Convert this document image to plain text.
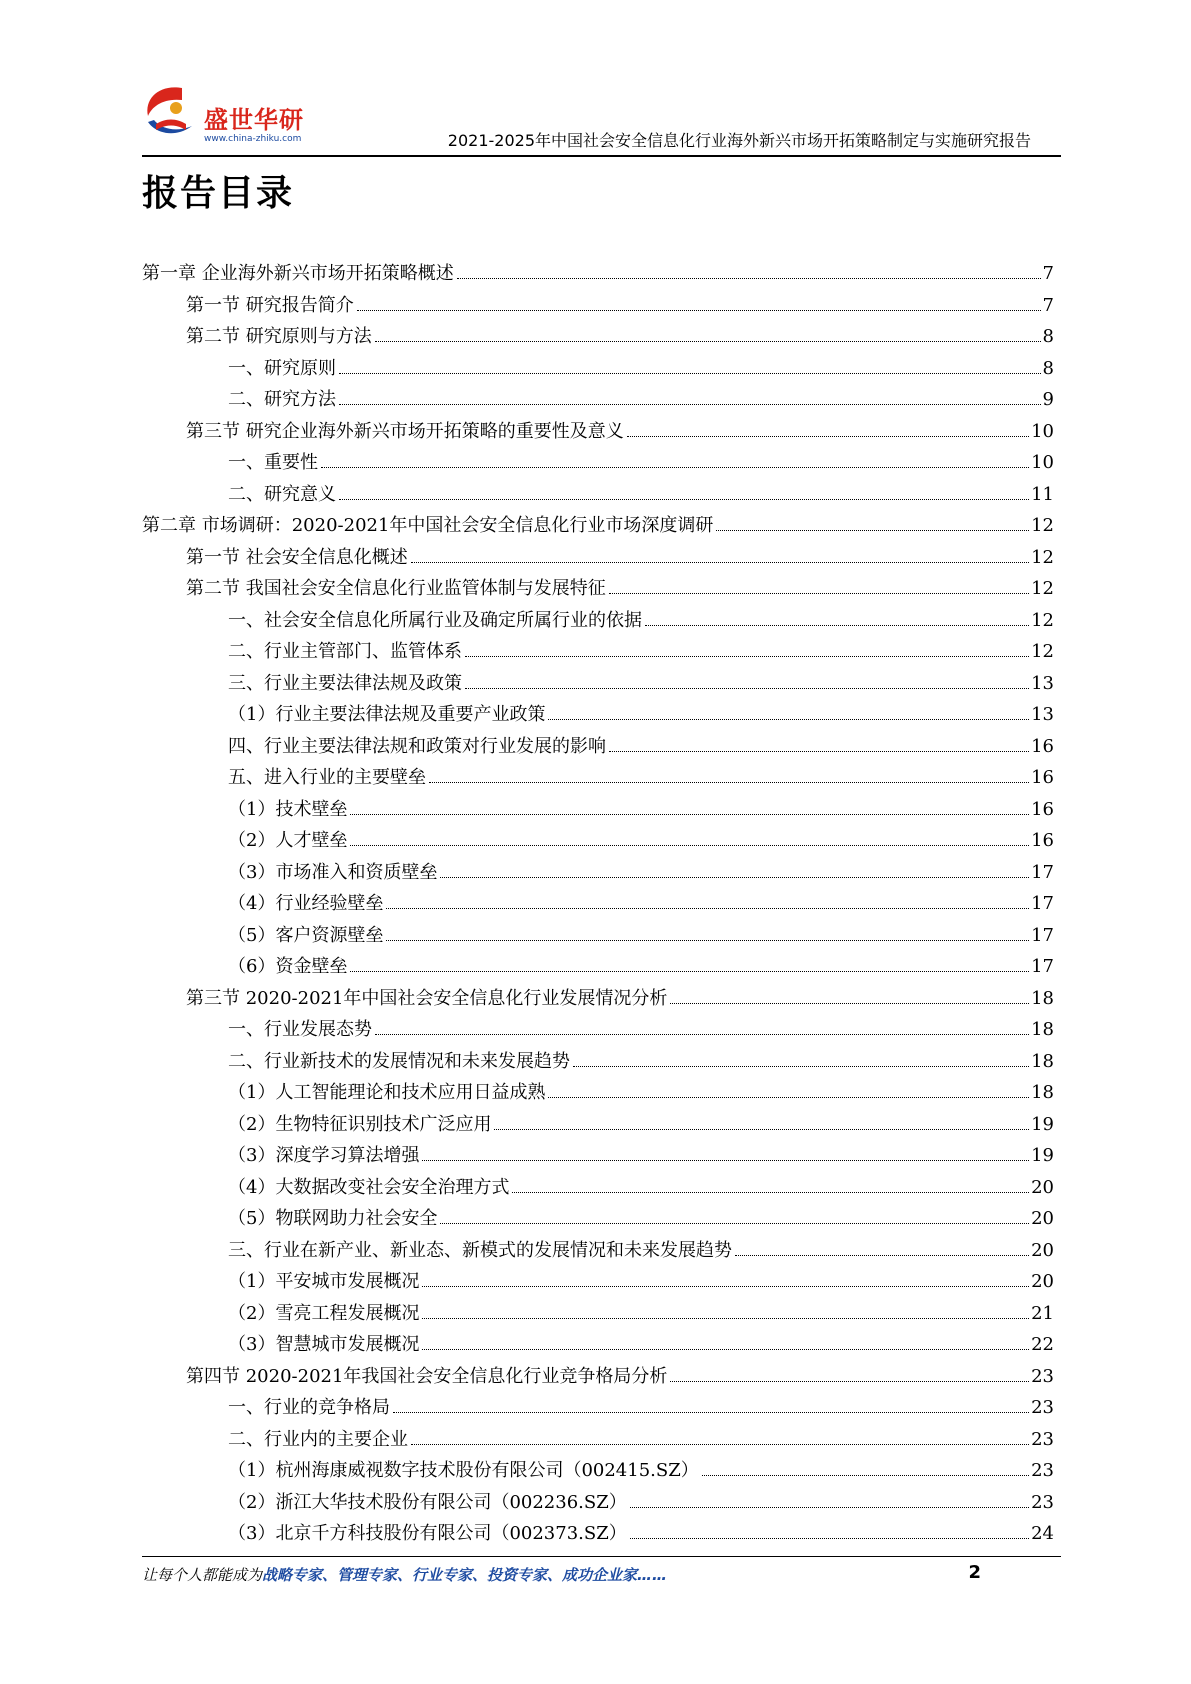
盛世华研
www.china-zhiku.com	2021-2025年中国社会安全信息化行业海外新兴市场开拓策略制定与实施研究报告
报告目录
第一章 企业海外新兴市场开拓策略概述	7
第一节 研究报告简介	7
第二节 研究原则与方法	8
一、研究原则	8
二、研究方法	9
第三节 研究企业海外新兴市场开拓策略的重要性及意义	10
一、重要性	10
二、研究意义	11
第二章 市场调研：2020-2021年中国社会安全信息化行业市场深度调研	12
第一节 社会安全信息化概述	12
第二节 我国社会安全信息化行业监管体制与发展特征	12
一、社会安全信息化所属行业及确定所属行业的依据	12
二、行业主管部门、监管体系	12
三、行业主要法律法规及政策	13
（1）行业主要法律法规及重要产业政策	13
四、行业主要法律法规和政策对行业发展的影响	16
五、进入行业的主要壁垒	16
（1）技术壁垒	16
（2）人才壁垒	16
（3）市场准入和资质壁垒	17
（4）行业经验壁垒	17
（5）客户资源壁垒	17
（6）资金壁垒	17
第三节 2020-2021年中国社会安全信息化行业发展情况分析	18
一、行业发展态势	18
二、行业新技术的发展情况和未来发展趋势	18
（1）人工智能理论和技术应用日益成熟	18
（2）生物特征识别技术广泛应用	19
（3）深度学习算法增强	19
（4）大数据改变社会安全治理方式	20
（5）物联网助力社会安全	20
三、行业在新产业、新业态、新模式的发展情况和未来发展趋势	20
（1）平安城市发展概况	20
（2）雪亮工程发展概况	21
（3）智慧城市发展概况	22
第四节 2020-2021年我国社会安全信息化行业竞争格局分析	23
一、行业的竞争格局	23
二、行业内的主要企业	23
（1）杭州海康威视数字技术股份有限公司（002415.SZ）	23
（2）浙江大华技术股份有限公司（002236.SZ）	23
（3）北京千方科技股份有限公司（002373.SZ）	24
让每个人都能成为战略专家、管理专家、行业专家、投资专家、成功企业家……	2
